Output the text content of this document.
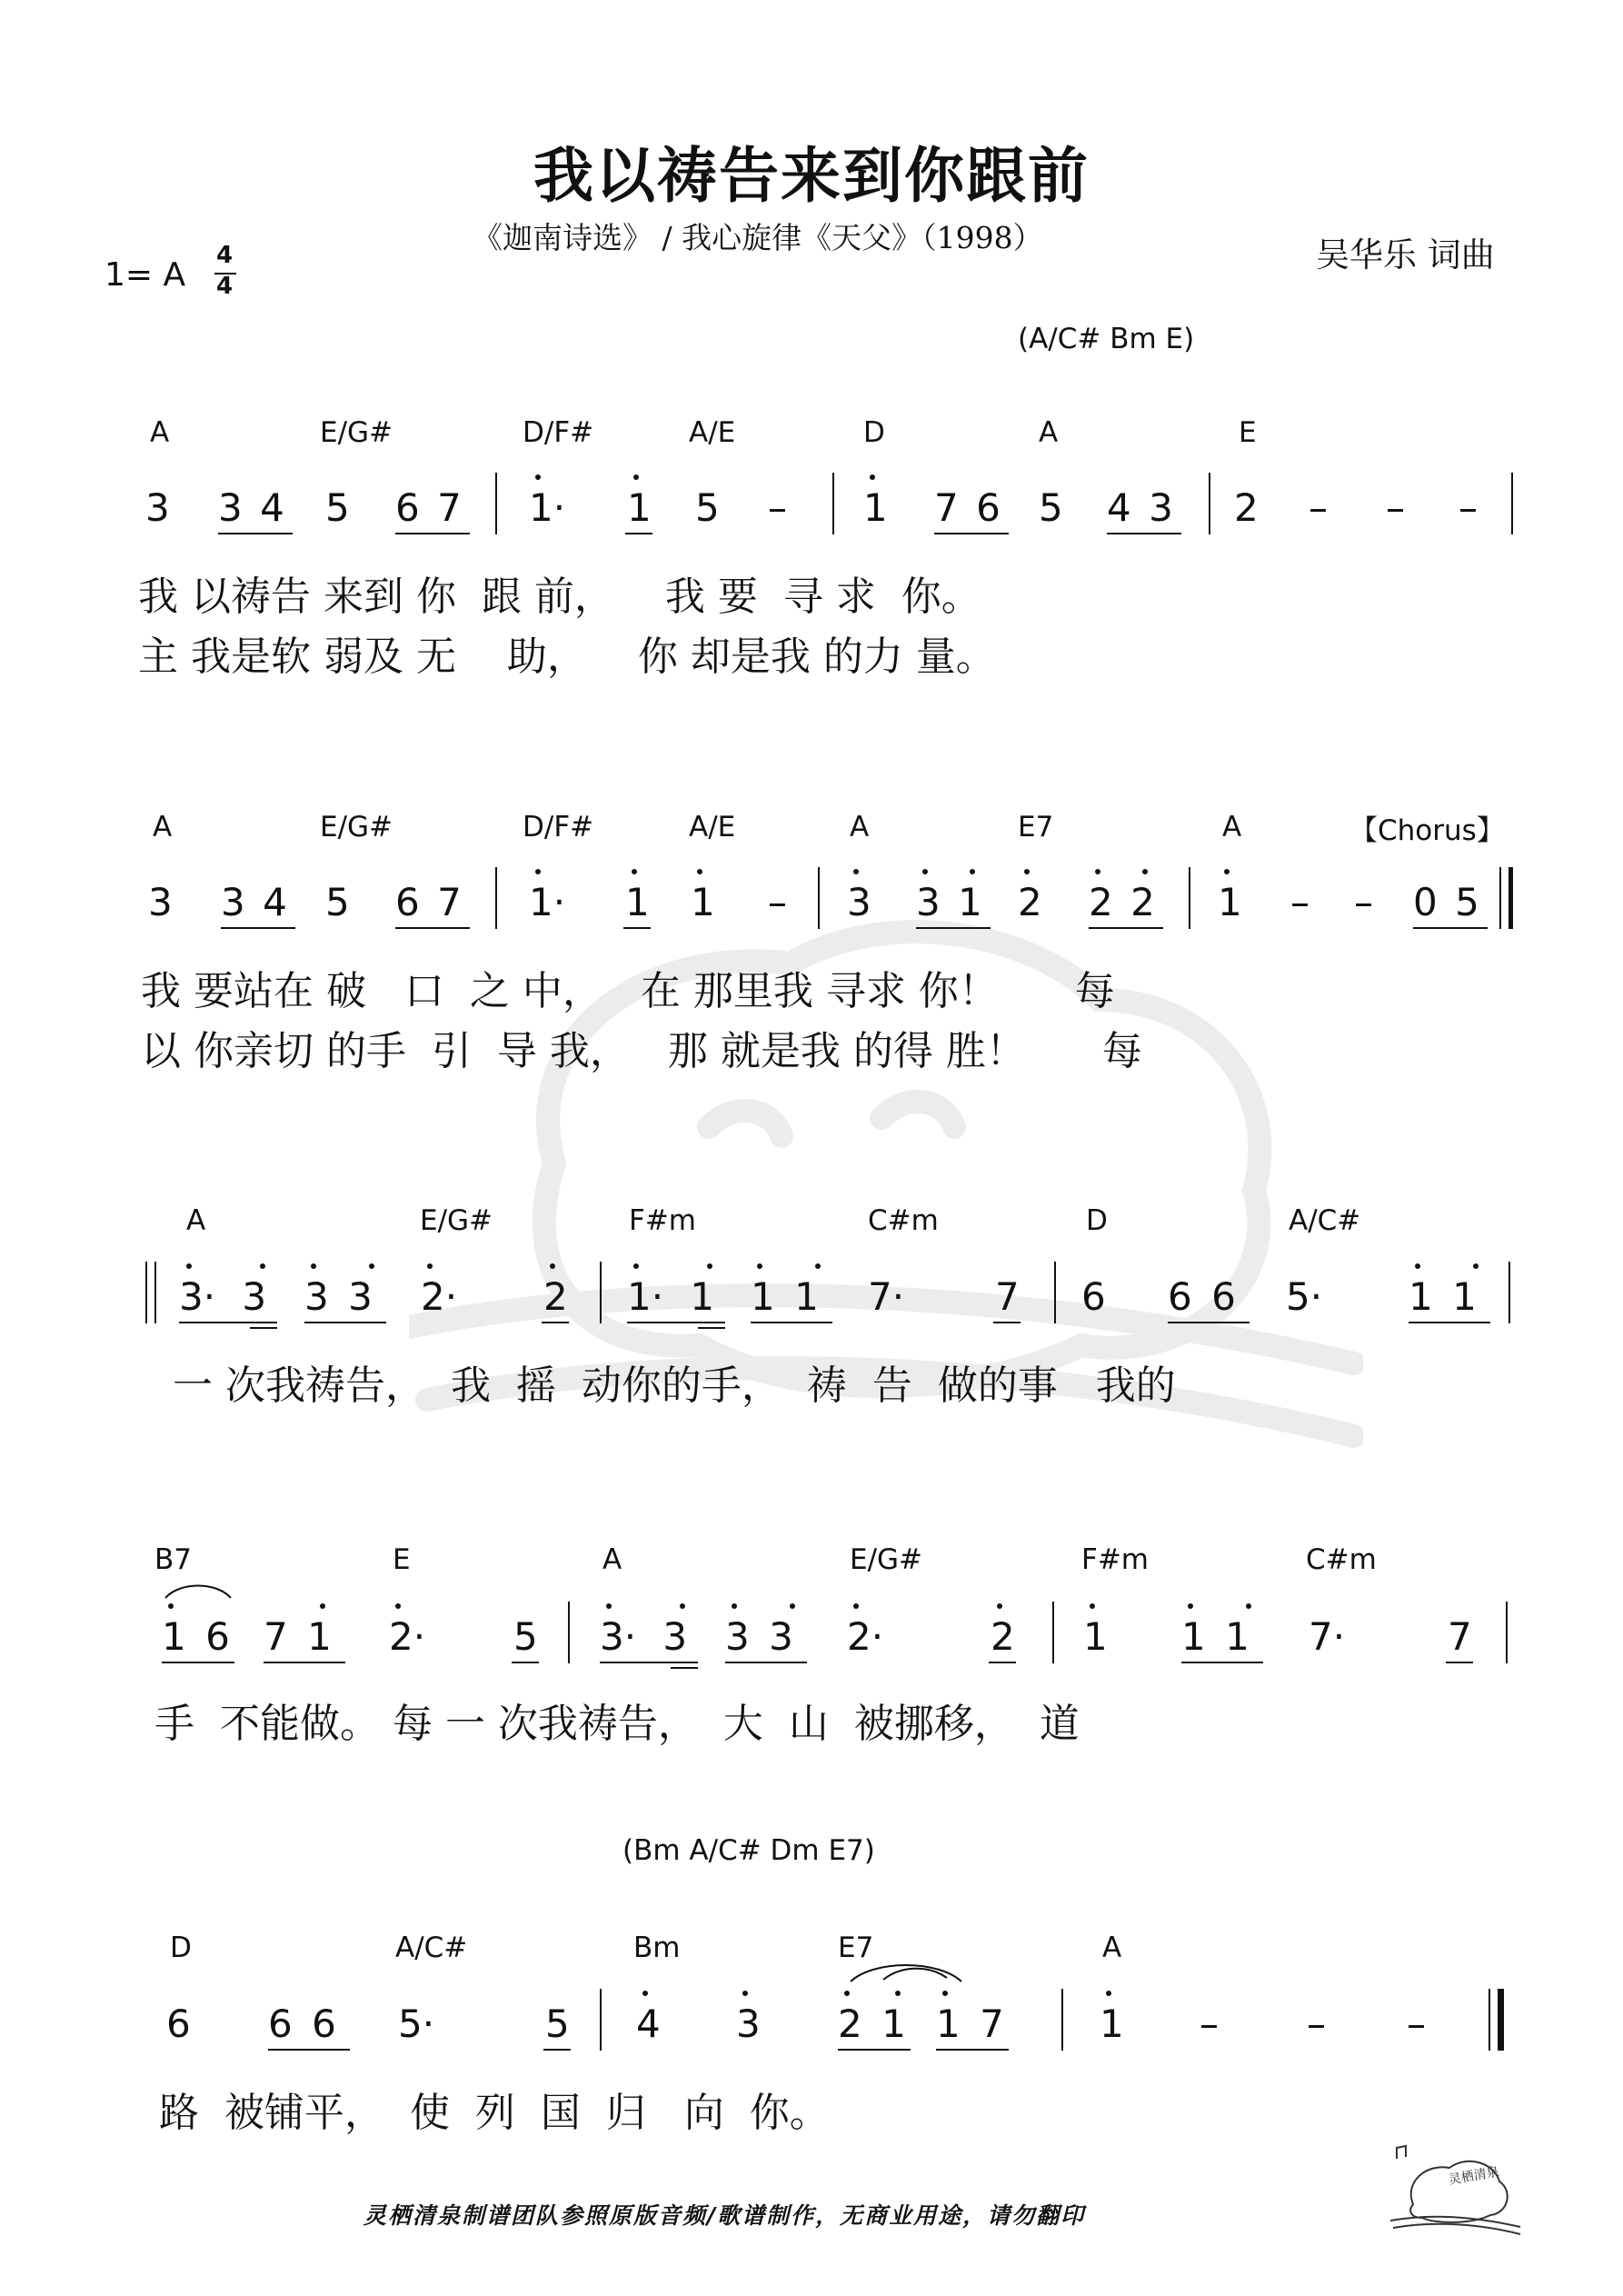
我以祷告来到你跟前
《迦南诗选》 / 我心旋律《天父》（1998）	吴华乐 词曲
1= A
4
4
(A/C# Bm E)
A	E/G#	D/F#	A/E	D	A	E
3 3 4 5 6 7 1· 1 5 – 1 7 6 5 4 3 2 – – –
我 以祷告 来到 你  跟 前，    我 要  寻 求  你。
主 我是软 弱及 无    助，    你 却是我 的力 量。
A	E/G#	D/F#	A/E	A	E7	A	【Chorus】
3 3 4 5 6 7 1· 1 1 – 3 3 1 2 2 2 1 – – 0 5
我 要站在 破   口  之 中，   在 那里我 寻求 你！      每
以 你亲切 的手  引  导 我，   那 就是我 的得 胜！      每
A	E/G#	F#m	C#m	D	A/C#
3· 3 3 3 2· 2 1· 1 1 1 7· 7 6 6 6 5· 1 1
一 次我祷告，  我  摇  动你的手，  祷  告  做的事   我的
B7	E	A	E/G#	F#m	C#m
1 6 7 1 2· 5 3· 3 3 3 2·	2 1 1 1 7·	7
手  不能做。 每 一 次我祷告，  大  山  被挪移，  道
(Bm A/C# Dm E7)
D	A/C#	Bm	E7	A
6 6 6 5·	5 4 3 2 1 1 7	1 – – –
路  被铺平，  使  列  国  归   向  你。
灵栖清泉制谱团队参照原版音频/歌谱制作，无商业用途，请勿翻印
灵栖清泉
